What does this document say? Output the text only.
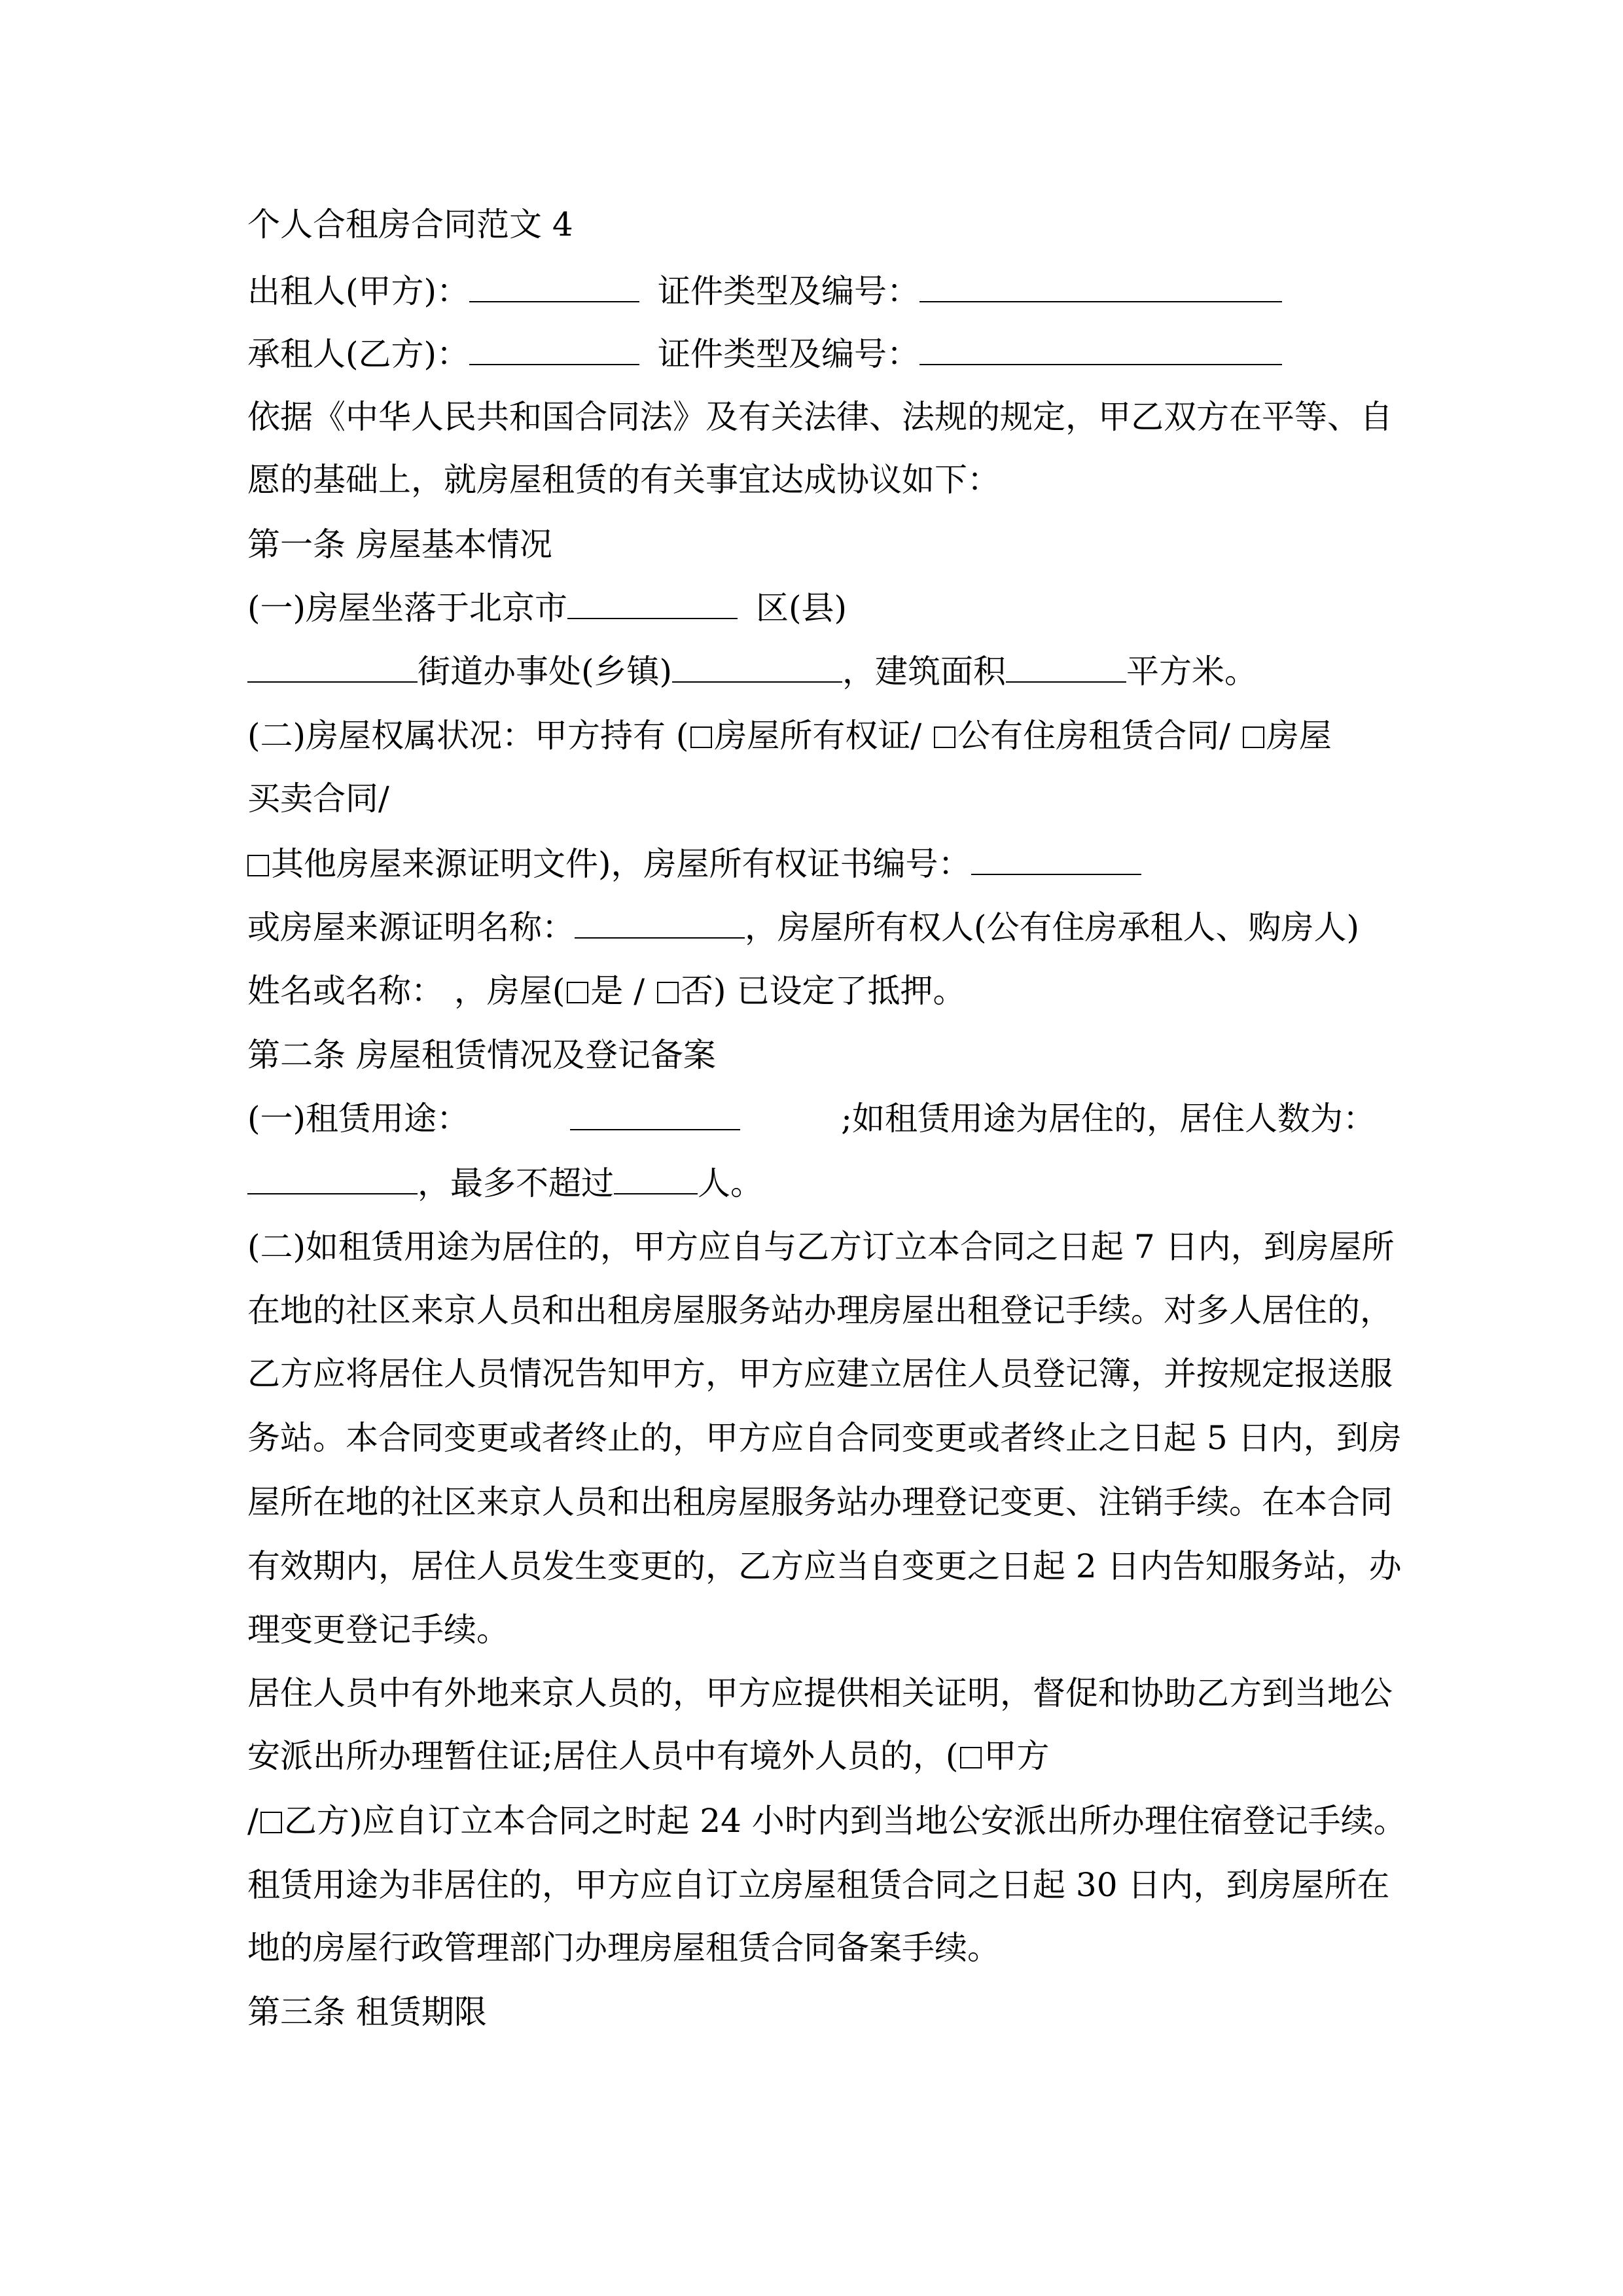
个人合租房合同范文 4
出租人(甲方)：	证件类型及编号：
承租人(乙方)：	证件类型及编号：
依据《中华人民共和国合同法》及有关法律、法规的规定，甲乙双方在平等、自
愿的基础上，就房屋租赁的有关事宜达成协议如下：
第一条 房屋基本情况
(一)房屋坐落于北京市	区(县)
街道办事处(乡镇)	，建筑面积	平方米。
(二)房屋权属状况：甲方持有 ( 房屋所有权证/ 公有住房租赁合同/ 房屋
买卖合同/
其他房屋来源证明文件)，房屋所有权证书编号：
或房屋来源证明名称：	，房屋所有权人(公有住房承租人、购房人)
姓名或名称： ，房屋( 是 / 否) 已设定了抵押。
第二条 房屋租赁情况及登记备案
(一)租赁用途：	;如租赁用途为居住的，居住人数为：
，最多不超过	人。
(二)如租赁用途为居住的，甲方应自与乙方订立本合同之日起 7 日内，到房屋所
在地的社区来京人员和出租房屋服务站办理房屋出租登记手续。对多人居住的，
乙方应将居住人员情况告知甲方，甲方应建立居住人员登记簿，并按规定报送服
务站。本合同变更或者终止的，甲方应自合同变更或者终止之日起 5 日内，到房
屋所在地的社区来京人员和出租房屋服务站办理登记变更、注销手续。在本合同
有效期内，居住人员发生变更的，乙方应当自变更之日起 2 日内告知服务站，办
理变更登记手续。
居住人员中有外地来京人员的，甲方应提供相关证明，督促和协助乙方到当地公
安派出所办理暂住证;居住人员中有境外人员的，( 甲方
/ 乙方)应自订立本合同之时起 24 小时内到当地公安派出所办理住宿登记手续。
租赁用途为非居住的，甲方应自订立房屋租赁合同之日起 30 日内，到房屋所在
地的房屋行政管理部门办理房屋租赁合同备案手续。
第三条 租赁期限
